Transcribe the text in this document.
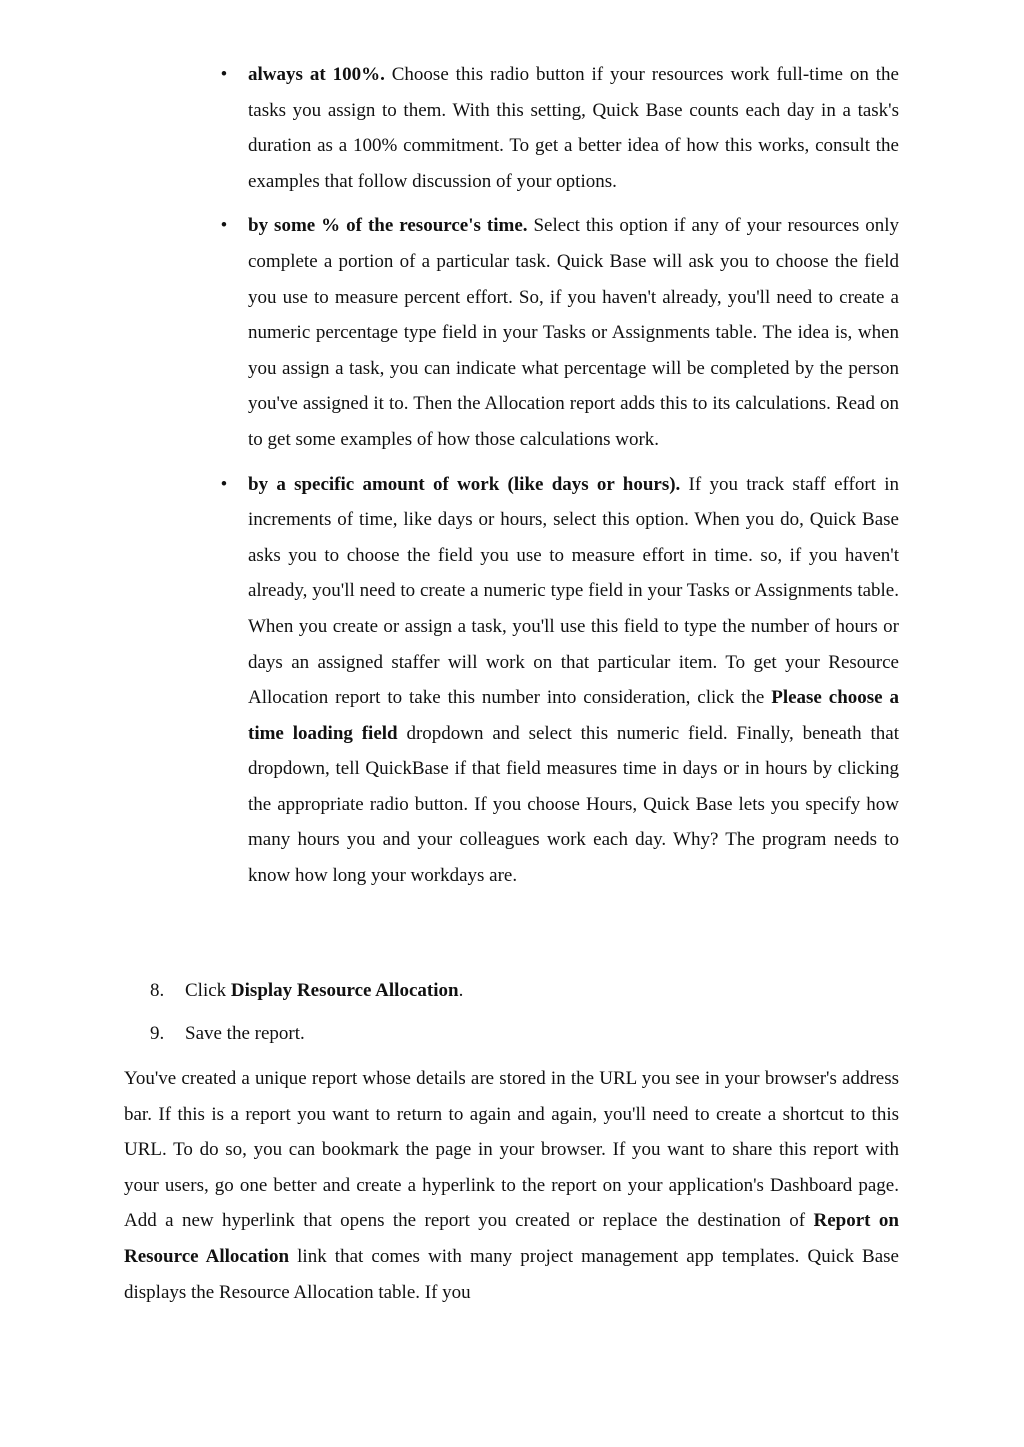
•	always at 100%. Choose this radio button if your resources work full-time on the tasks you assign to them. With this setting, Quick Base counts each day in a task's duration as a 100% commitment. To get a better idea of how this works, consult the examples that follow discussion of your options.
•	by some % of the resource's time. Select this option if any of your resources only complete a portion of a particular task. Quick Base will ask you to choose the field you use to measure percent effort. So, if you haven't already, you'll need to create a numeric percentage type field in your Tasks or Assignments table. The idea is, when you assign a task, you can indicate what percentage will be completed by the person you've assigned it to. Then the Allocation report adds this to its calculations. Read on to get some examples of how those calculations work.
•	by a specific amount of work (like days or hours). If you track staff effort in increments of time, like days or hours, select this option. When you do, Quick Base asks you to choose the field you use to measure effort in time. so, if you haven't already, you'll need to create a numeric type field in your Tasks or Assignments table. When you create or assign a task, you'll use this field to type the number of hours or days an assigned staffer will work on that particular item. To get your Resource Allocation report to take this number into consideration, click the Please choose a time loading field dropdown and select this numeric field. Finally, beneath that dropdown, tell QuickBase if that field measures time in days or in hours by clicking the appropriate radio button. If you choose Hours, Quick Base lets you specify how many hours you and your colleagues work each day. Why? The program needs to know how long your workdays are.
8. Click Display Resource Allocation.
9. Save the report.

You've created a unique report whose details are stored in the URL you see in your browser's address bar. If this is a report you want to return to again and again, you'll need to create a shortcut to this URL. To do so, you can bookmark the page in your browser. If you want to share this report with your users, go one better and create a hyperlink to the report on your application's Dashboard page. Add a new hyperlink that opens the report you created or replace the destination of Report on Resource Allocation link that comes with many project management app templates. Quick Base displays the Resource Allocation table. If you
